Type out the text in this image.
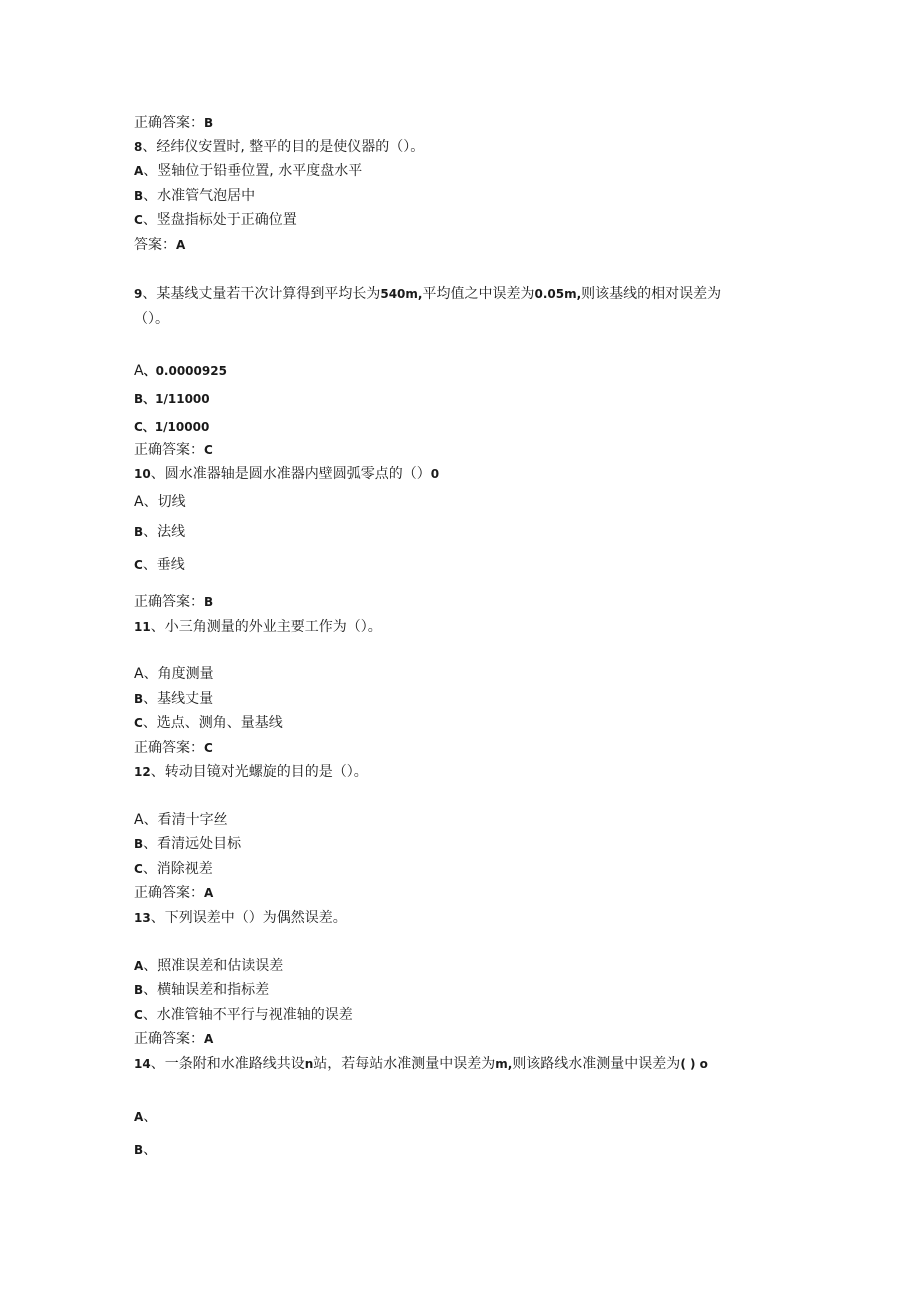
正确答案：B
8、经纬仪安置时, 整平的目的是使仪器的（）。
A、竖轴位于铅垂位置, 水平度盘水平
B、水准管气泡居中
C、竖盘指标处于正确位置
答案：A
9、某基线丈量若干次计算得到平均长为540m,平均值之中误差为0.05m,则该基线的相对误差为
（）。
A、0.0000925
B、1/11000
C、1/10000
正确答案：C
10、圆水准器轴是圆水准器内壁圆弧零点的（）0
A、切线
B、法线
C、垂线
正确答案：B
11、小三角测量的外业主要工作为（）。
A、角度测量
B、基线丈量
C、选点、测角、量基线
正确答案：C
12、转动目镜对光螺旋的目的是（）。
A、看清十字丝
B、看清远处目标
C、消除视差
正确答案：A
13、下列误差中（）为偶然误差。
A、照准误差和估读误差
B、横轴误差和指标差
C、水准管轴不平行与视准轴的误差
正确答案：A
14、一条附和水准路线共设n站，若每站水准测量中误差为m,则该路线水准测量中误差为( ) o
A、
B、
